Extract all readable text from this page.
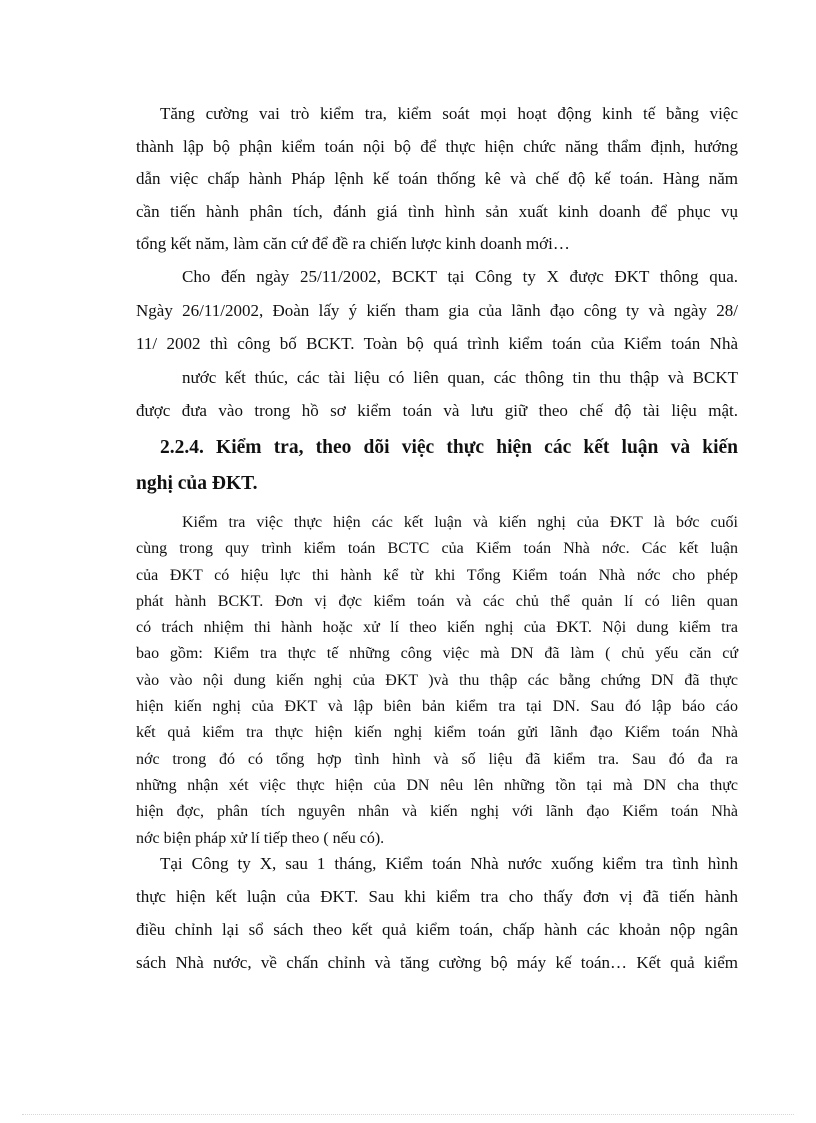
Tăng cường vai trò kiểm tra, kiểm soát mọi hoạt động kinh tế bằng việc
thành lập bộ phận kiểm toán nội bộ để thực hiện chức năng thẩm định, hướng
dẫn việc chấp hành Pháp lệnh kế toán thống kê và chế độ kế toán. Hàng năm
cần tiến hành phân tích, đánh giá tình hình sản xuất kinh doanh để phục vụ
tổng kết năm, làm căn cứ để đề ra chiến lược kinh doanh mới…
Cho đến ngày 25/11/2002, BCKT tại Công ty X được ĐKT thông qua.
Ngày 26/11/2002, Đoàn lấy ý kiến tham gia của lãnh đạo công ty và ngày 28/
11/ 2002 thì công bố BCKT. Toàn bộ quá trình kiểm toán của Kiểm toán Nhà
nước kết thúc, các tài liệu có liên quan, các thông tin thu thập và BCKT
được đưa vào trong hồ sơ kiểm toán và lưu giữ theo chế độ tài liệu mật.
2.2.4. Kiểm tra, theo dõi việc thực hiện các kết luận và kiến
nghị của ĐKT.
Kiểm tra việc thực hiện các kết luận và kiến nghị của ĐKT là bớc cuối
cùng trong quy trình kiểm toán BCTC của Kiểm toán Nhà nớc. Các kết luận
của ĐKT có hiệu lực thi hành kể từ khi Tổng Kiểm toán Nhà nớc cho phép
phát hành BCKT. Đơn vị đợc kiểm toán và các chủ thể quản lí có liên quan
có trách nhiệm thi hành hoặc xử lí theo kiến nghị của ĐKT. Nội dung kiểm tra
bao gồm: Kiểm tra thực tế những công việc mà DN đã làm ( chủ yếu căn cứ
vào vào nội dung kiến nghị của ĐKT )và thu thập các bằng chứng DN đã thực
hiện kiến nghị của ĐKT và lập biên bản kiểm tra tại DN. Sau đó lập báo cáo
kết quả kiểm tra thực hiện kiến nghị kiểm toán gửi lãnh đạo Kiểm toán Nhà
nớc trong đó có tổng hợp tình hình và số liệu đã kiểm tra. Sau đó đa ra
những nhận xét việc thực hiện của DN nêu lên những tồn tại mà DN cha thực
hiện đợc, phân tích nguyên nhân và kiến nghị với lãnh đạo Kiểm toán Nhà
nớc biện pháp xử lí tiếp theo ( nếu có).
Tại Công ty X, sau 1 tháng, Kiểm toán Nhà nước xuống kiểm tra tình hình
thực hiện kết luận của ĐKT. Sau khi kiểm tra cho thấy đơn vị đã tiến hành
điều chỉnh lại sổ sách theo kết quả kiểm toán, chấp hành các khoản nộp ngân
sách Nhà nước, về chấn chỉnh và tăng cường bộ máy kế toán… Kết quả kiểm
